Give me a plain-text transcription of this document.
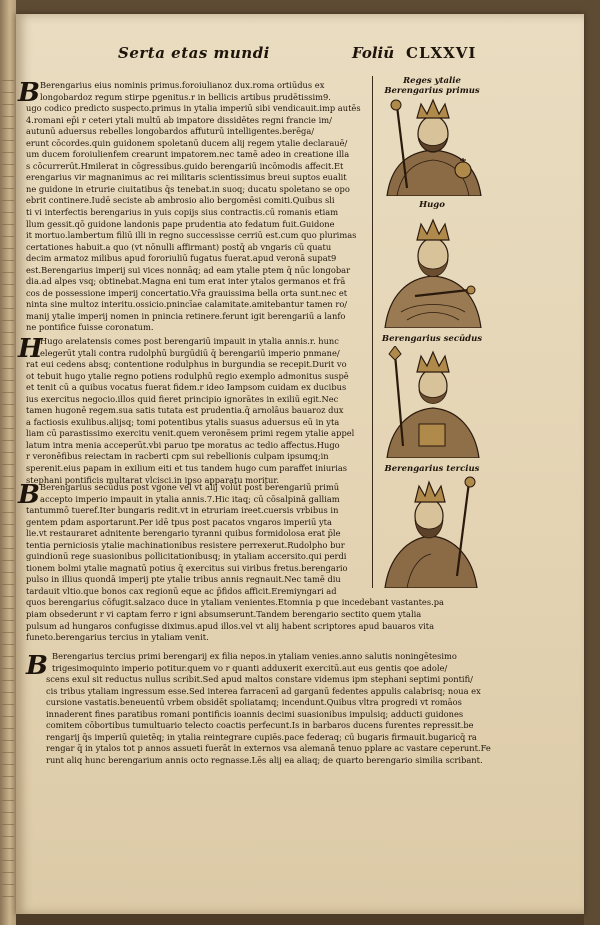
Serta etas mundi	Foliū CLXXVI
B Berengarius eius nominis primus.foroiulianoz dux.roma ortiūdus ex
longobardoz regum stirpe pgenitus.r in bellicis artibus prudētissim9.
ugo codico predicto suspecto.primus in ytalia imperiū sibi vendicauit.imp autēs
4.romani ep̄i r ceteri ytali multū ab impatore dissidētes regni francie im/
autunū aduersus rebelles longobardos affuturū intelligentes.berēga/
erunt cōcordes.quin guidonem spoletanū ducem alij regem ytalie declarauē/
um ducem foroiulienfem crearunt impatorem.nec tamē adeo in creatione illa
s cōcurrerūt.Hmilerat in cōgressibus.guido berengariū incōmodis affecit.Et
erengarius vir magnanimus ac rei militaris scientissimus breui suptos eualit
ne guidone in etrurie ciuitatibus q̄s tenebat.in suoq; ducatu spoletano se opo
ebrit continere.Iudē seciste ab ambrosio alio bergomēsi comiti.Quibus sli
ti vi interfectis berengarius in yuis copijs sius contractis.cū romanis etiam
llum gessit.qō guidone landonis pape prudentia ato fedatum fuit.Guidone
it mortuo.lambertum filiū illi in regno successisse cerriū est.cum quo plurimas
certationes habuit.a quo (vt nōnulli affirmant) postq̄ ab vngaris cū quatu
decim armatoz milibus apud fororiuliū fugatus fuerat.apud veronā supat9
est.Berengarius imperij sui vices nonnāq; ad eam ytalie ptem q̄ nūc longobar
dia.ad alpes vsq; obtinebat.Magna eni tum erat inter ytalos germanos et frā
cos de possessione imperij concertatio.Vr̄a grauissima bella orta sunt.nec et
ninta sine multoz interitu.ossicio.pnincīae calamitate.amitebantur tamen ro/
manij ytalie imperij nomen in pnincia retinere.ferunt igit berengariū a lanfo
ne pontifice fuisse coronatum.
H
Hugo arelatensis comes post berengariū impauit in ytalia annis.r. hunc
elegerūt ytali contra rudolphū burgūdiū q̄ berengariū imperio pnmane/
rat eui cedens absq; contentione rodulphus in burgundia se recepit.Durit vo
ot tebuit hugo ytalie regno potiens rodulphū regio exemplo admonitus suspē
et tenit cū a quibus vocatus fuerat fidem.r ideo Iampsom cuidam ex ducibus
ius exercitus negocio.illos quid fieret principio ignorātes in exiliū egit.Nec
tamen hugonē regem.sua satis tutata est prudentia.q̄ arnolāus bauaroz dux
a factiosis exulibus.alijsq; tomi potentibus ytalis suasus aduersus eū in yta
liam cū parastissimo exercitu venit.quem veronēsem primi regem ytalie appel
latum intra menia acceperūt.vbi paruo tpe moratus ac tedio affectus.Hugo
r veronēfibus reiectam in racberti cpm sui rebellionis culpam ipsumq;in
sperenit.eius papam in exilium eiti et tus tandem hugo cum paraffet iniurias
stephani pontificis multarat vlcisci.in ipso apparatu moritur.
B Berengarius secūdus post vgone vel vt alij volūt post berengariū primū
accepto imperio impauit in ytalia annis.7.Hic itaq; cū cōsalpinā galliam
tantummō tueref.Iter bungaris redit.vt in etruriam ireet.cuersis vrbibus in
gentem pdam asportarunt.Per idē tpus post pacatos vngaros imperiū yta
lie.vt restauraret adnitente berengario tyranni quibus formidolosa erat p̄le
tentia perniciosis ytalie machinationibus resistere perrexerut.Rudolpho bur
guindionū rege suasionibus pollicitationibusq; in ytaliam accersito.qui perdi
tionem bolmi ytalie magnatū potius q̄ exercitus sui viribus fretus.berengario
pulso in illius quondā imperij pte ytalie tribus annis regnauit.Nec tamē diu
tardauit vltio.que bonos cax regionū eque ac p̄fidos afficit.Eremiyngari ad
quos berengarius cōfugit.salzaco duce in ytaliam venientes.Etomnia p que incedebant vastantes.pa
piam obsederunt r vi captam ferro r igni absumserunt.Tandem berengario sectito quem ytalia
pulsum ad hungaros confugisse diximus.apud illos.vel vt alij habent scriptores apud bauaros vita
funeto.berengarius tercius in ytaliam venit.
B Berengarius tercius primi berengarij ex filia nepos.in ytaliam venies.anno salutis noningētesimo
trigesimoquinto imperio potitur.quem vo r quanti adduxerit exercitū.aut eus gentis qoe adole/
scens exul sit reductus nullus scribit.Sed apud maltos constare videmus ipm stephani septimi pontifi/
cis tribus ytaliam ingressum esse.Sed interea farracenī ad garganū fedentes appulis calabrisq; noua ex
cursione vastatis.beneuentū vrbem obsidēt spoliatamq; incendunt.Quibus vltra progredi vt romāos
innaderent fines paratibus romani pontificis ioannis decimi suasionibus impulsiq; adducti guidones
comitem cōbortibus tumultuario telecto coactis perfecunt.Is in barbaros ducens furentes repressit.be
rengarij q̄s imperiū quietēq; in ytalia reintegrare cupiēs.pace federaq; cū bugaris firmauit.bugaricq̄ ra
rengar q̄ in ytalos tot p annos assueti fuerāt in externos vsa alemanā tenuo pplare ac vastare ceperunt.Fe
runt aliq hunc berengarium annis octo regnasse.Lēs alij ea aliaq; de quarto berengario similia scribant.
Reges ytalie
Berengarius primus
Hugo
Berengarius secūdus
Berengarius tercius
